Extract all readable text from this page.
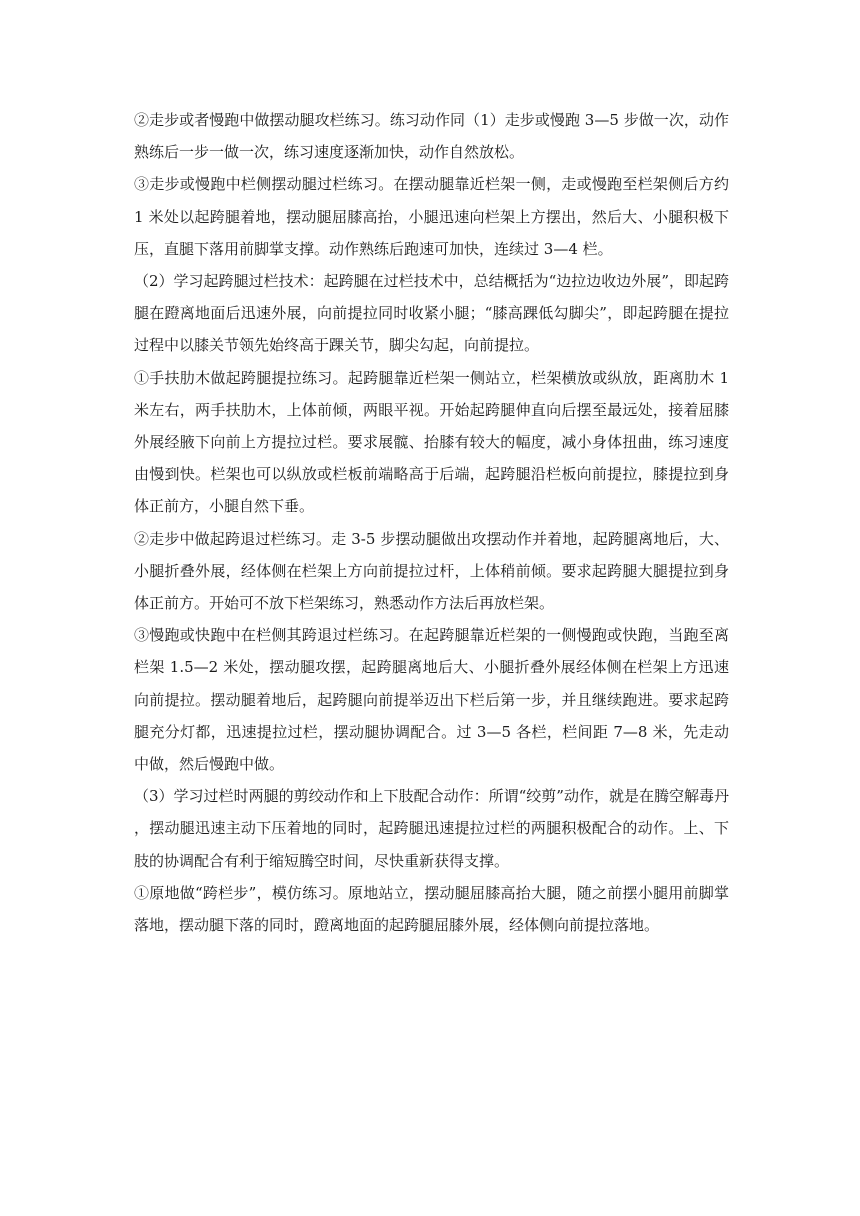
②走步或者慢跑中做摆动腿攻栏练习。练习动作同（1）走步或慢跑 3—5 步做一次，动作熟练后一步一做一次，练习速度逐渐加快，动作自然放松。

③走步或慢跑中栏侧摆动腿过栏练习。在摆动腿靠近栏架一侧，走或慢跑至栏架侧后方约 1 米处以起跨腿着地，摆动腿屈膝高抬，小腿迅速向栏架上方摆出，然后大、小腿积极下压，直腿下落用前脚掌支撑。动作熟练后跑速可加快，连续过 3—4 栏。

（2）学习起跨腿过栏技术：起跨腿在过栏技术中，总结概括为“边拉边收边外展”，即起跨腿在蹬离地面后迅速外展，向前提拉同时收紧小腿；“膝高踝低勾脚尖”，即起跨腿在提拉过程中以膝关节领先始终高于踝关节，脚尖勾起，向前提拉。

①手扶肋木做起跨腿提拉练习。起跨腿靠近栏架一侧站立，栏架横放或纵放，距离肋木 1 米左右，两手扶肋木，上体前倾，两眼平视。开始起跨腿伸直向后摆至最远处，接着屈膝外展经腋下向前上方提拉过栏。要求展髋、抬膝有较大的幅度，减小身体扭曲，练习速度由慢到快。栏架也可以纵放或栏板前端略高于后端，起跨腿沿栏板向前提拉，膝提拉到身体正前方，小腿自然下垂。

②走步中做起跨退过栏练习。走 3-5 步摆动腿做出攻摆动作并着地，起跨腿离地后，大、小腿折叠外展，经体侧在栏架上方向前提拉过杆，上体稍前倾。要求起跨腿大腿提拉到身体正前方。开始可不放下栏架练习，熟悉动作方法后再放栏架。

③慢跑或快跑中在栏侧其跨退过栏练习。在起跨腿靠近栏架的一侧慢跑或快跑，当跑至离栏架 1.5—2 米处，摆动腿攻摆，起跨腿离地后大、小腿折叠外展经体侧在栏架上方迅速向前提拉。摆动腿着地后，起跨腿向前提举迈出下栏后第一步，并且继续跑进。要求起跨腿充分灯都，迅速提拉过栏，摆动腿协调配合。过 3—5 各栏，栏间距 7—8 米，先走动中做，然后慢跑中做。

（3）学习过栏时两腿的剪绞动作和上下肢配合动作：所谓“绞剪”动作，就是在腾空解毒丹，摆动腿迅速主动下压着地的同时，起跨腿迅速提拉过栏的两腿积极配合的动作。上、下肢的协调配合有利于缩短腾空时间，尽快重新获得支撑。

①原地做“跨栏步”，模仿练习。原地站立，摆动腿屈膝高抬大腿，随之前摆小腿用前脚掌落地，摆动腿下落的同时，蹬离地面的起跨腿屈膝外展，经体侧向前提拉落地。
